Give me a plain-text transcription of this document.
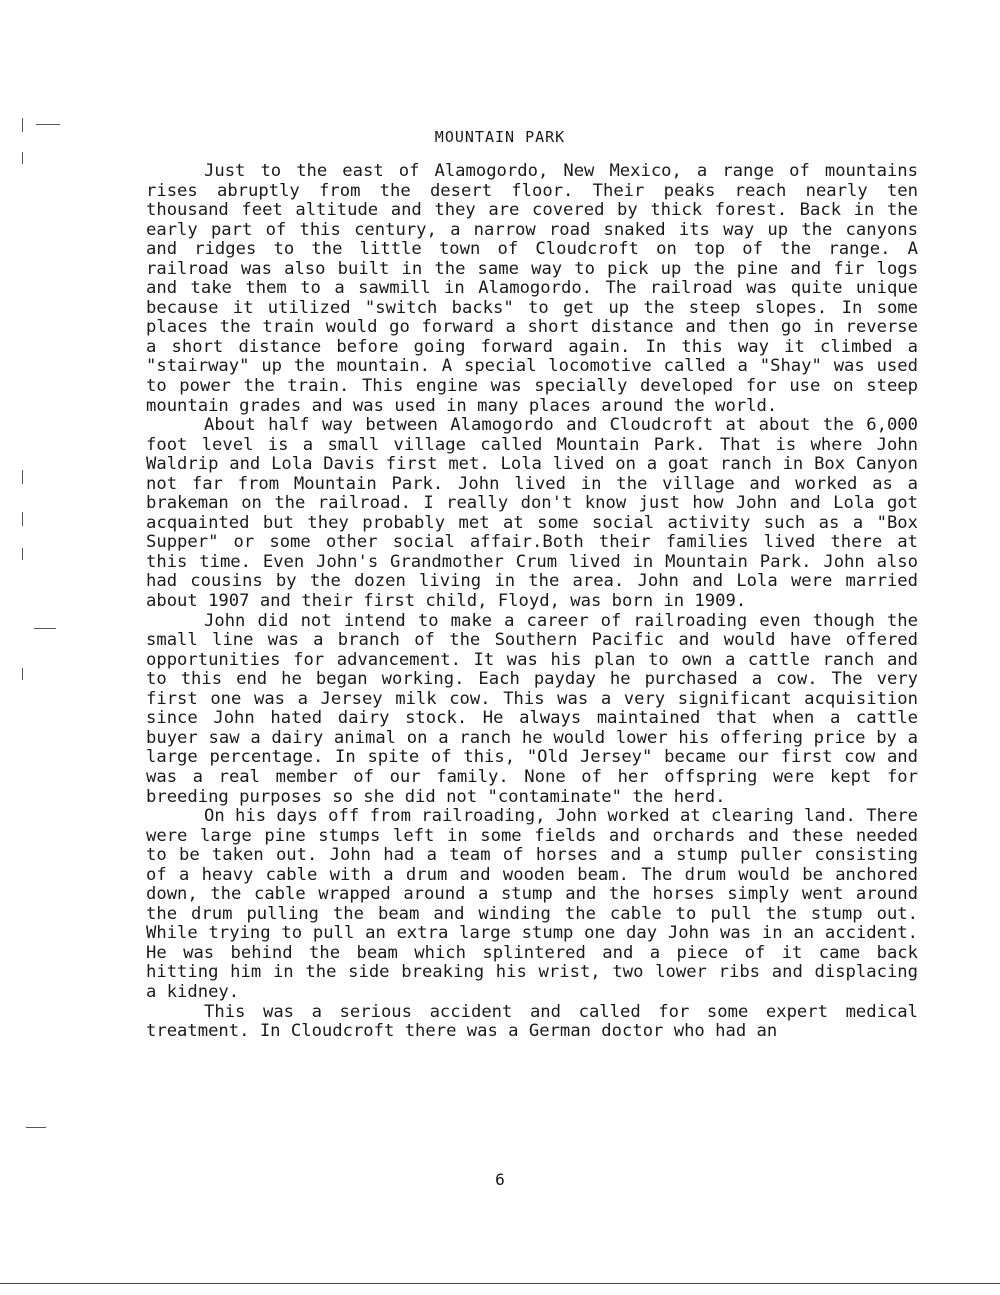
MOUNTAIN PARK

Just to the east of Alamogordo, New Mexico, a range of mountains rises abruptly from the desert floor. Their peaks reach nearly ten thousand feet altitude and they are covered by thick forest. Back in the early part of this century, a narrow road snaked its way up the canyons and ridges to the little town of Cloudcroft on top of the range. A railroad was also built in the same way to pick up the pine and fir logs and take them to a sawmill in Alamogordo. The railroad was quite unique because it utilized "switch backs" to get up the steep slopes. In some places the train would go forward a short distance and then go in reverse a short distance before going forward again. In this way it climbed a "stairway" up the mountain. A special locomotive called a "Shay" was used to power the train. This engine was specially developed for use on steep mountain grades and was used in many places around the world.

About half way between Alamogordo and Cloudcroft at about the 6,000 foot level is a small village called Mountain Park. That is where John Waldrip and Lola Davis first met. Lola lived on a goat ranch in Box Canyon not far from Mountain Park. John lived in the village and worked as a brakeman on the railroad. I really don't know just how John and Lola got acquainted but they probably met at some social activity such as a "Box Supper" or some other social affair.Both their families lived there at this time. Even John's Grandmother Crum lived in Mountain Park. John also had cousins by the dozen living in the area. John and Lola were married about 1907 and their first child, Floyd, was born in 1909.

John did not intend to make a career of railroading even though the small line was a branch of the Southern Pacific and would have offered opportunities for advancement. It was his plan to own a cattle ranch and to this end he began working. Each payday he purchased a cow. The very first one was a Jersey milk cow. This was a very significant acquisition since John hated dairy stock. He always maintained that when a cattle buyer saw a dairy animal on a ranch he would lower his offering price by a large percentage. In spite of this, "Old Jersey" became our first cow and was a real member of our family. None of her offspring were kept for breeding purposes so she did not "contaminate" the herd.

On his days off from railroading, John worked at clearing land. There were large pine stumps left in some fields and orchards and these needed to be taken out. John had a team of horses and a stump puller consisting of a heavy cable with a drum and wooden beam. The drum would be anchored down, the cable wrapped around a stump and the horses simply went around the drum pulling the beam and winding the cable to pull the stump out. While trying to pull an extra large stump one day John was in an accident. He was behind the beam which splintered and a piece of it came back hitting him in the side breaking his wrist, two lower ribs and displacing a kidney.

This was a serious accident and called for some expert medical treatment. In Cloudcroft there was a German doctor who had an

6
